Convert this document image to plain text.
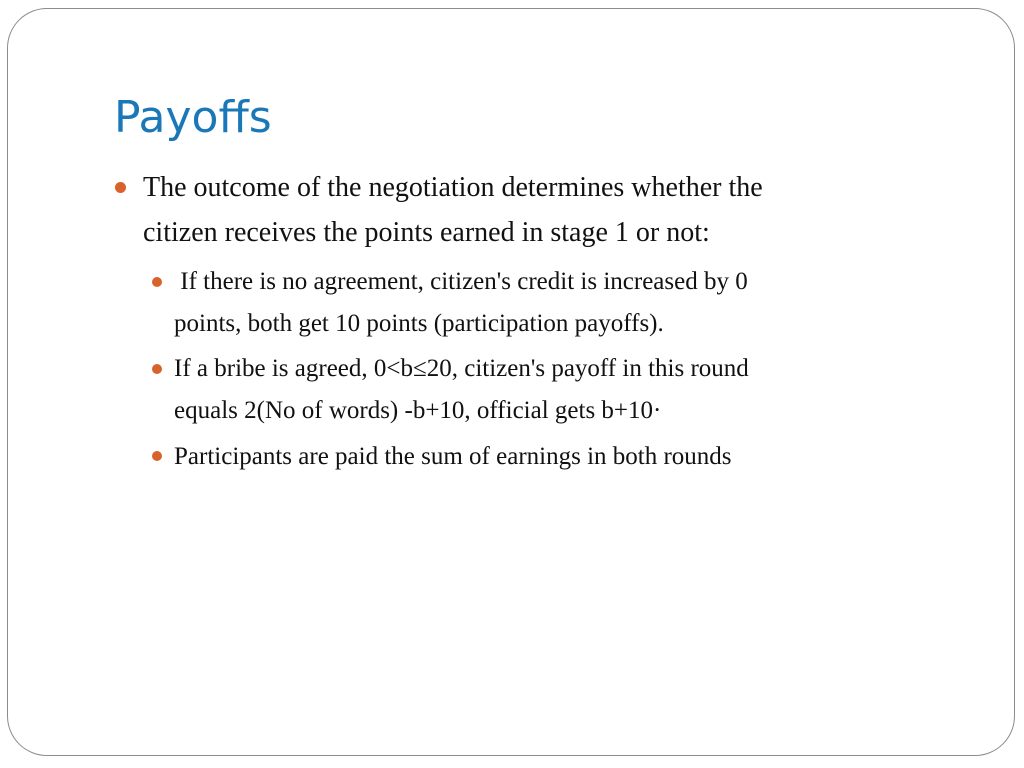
Payoffs
The outcome of the negotiation determines whether the
citizen receives the points earned in stage 1 or not:
If there is no agreement, citizen's credit is increased by 0
points, both get 10 points (participation payoffs).
If a bribe is agreed, 0<b≤20, citizen's payoff in this round
equals 2(No of words) -b+10, official gets b+10·
Participants are paid the sum of earnings in both rounds
